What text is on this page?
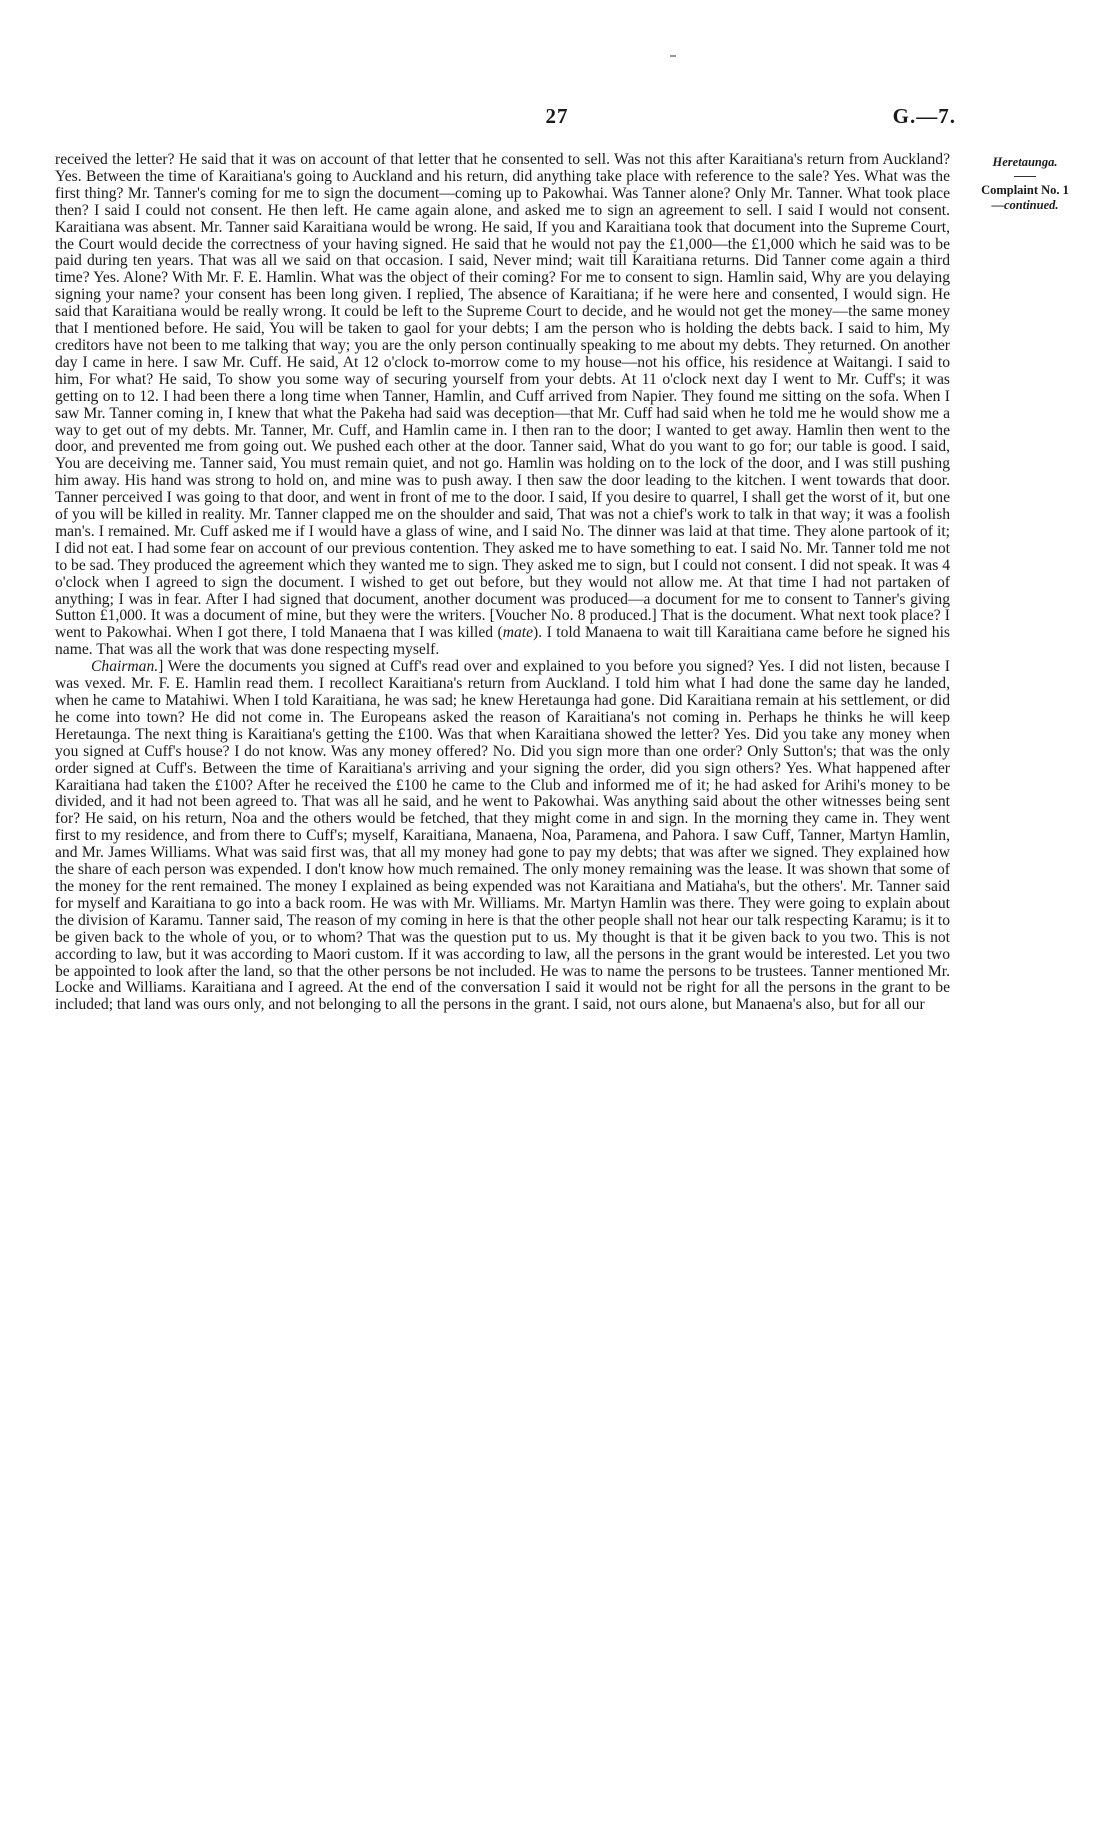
27	G.—7.

received the letter? He said that it was on account of that letter that he consented to sell. Was not this after Karaitiana's return from Auckland? Yes. Between the time of Karaitiana's going to Auckland and his return, did anything take place with reference to the sale? Yes. What was the first thing? Mr. Tanner's coming for me to sign the document—coming up to Pakowhai. Was Tanner alone? Only Mr. Tanner. What took place then? I said I could not consent. He then left. He came again alone, and asked me to sign an agreement to sell. I said I would not consent. Karaitiana was absent. Mr. Tanner said Karaitiana would be wrong. He said, If you and Karaitiana took that document into the Supreme Court, the Court would decide the correctness of your having signed. He said that he would not pay the £1,000—the £1,000 which he said was to be paid during ten years. That was all we said on that occasion. I said, Never mind; wait till Karaitiana returns. Did Tanner come again a third time? Yes. Alone? With Mr. F. E. Hamlin. What was the object of their coming? For me to consent to sign. Hamlin said, Why are you delaying signing your name? your consent has been long given. I replied, The absence of Karaitiana; if he were here and consented, I would sign. He said that Karaitiana would be really wrong. It could be left to the Supreme Court to decide, and he would not get the money—the same money that I mentioned before. He said, You will be taken to gaol for your debts; I am the person who is holding the debts back. I said to him, My creditors have not been to me talking that way; you are the only person continually speaking to me about my debts. They returned. On another day I came in here. I saw Mr. Cuff. He said, At 12 o'clock to-morrow come to my house—not his office, his residence at Waitangi. I said to him, For what? He said, To show you some way of securing yourself from your debts. At 11 o'clock next day I went to Mr. Cuff's; it was getting on to 12. I had been there a long time when Tanner, Hamlin, and Cuff arrived from Napier. They found me sitting on the sofa. When I saw Mr. Tanner coming in, I knew that what the Pakeha had said was deception—that Mr. Cuff had said when he told me he would show me a way to get out of my debts. Mr. Tanner, Mr. Cuff, and Hamlin came in. I then ran to the door; I wanted to get away. Hamlin then went to the door, and prevented me from going out. We pushed each other at the door. Tanner said, What do you want to go for; our table is good. I said, You are deceiving me. Tanner said, You must remain quiet, and not go. Hamlin was holding on to the lock of the door, and I was still pushing him away. His hand was strong to hold on, and mine was to push away. I then saw the door leading to the kitchen. I went towards that door. Tanner perceived I was going to that door, and went in front of me to the door. I said, If you desire to quarrel, I shall get the worst of it, but one of you will be killed in reality. Mr. Tanner clapped me on the shoulder and said, That was not a chief's work to talk in that way; it was a foolish man's. I remained. Mr. Cuff asked me if I would have a glass of wine, and I said No. The dinner was laid at that time. They alone partook of it; I did not eat. I had some fear on account of our previous contention. They asked me to have something to eat. I said No. Mr. Tanner told me not to be sad. They produced the agreement which they wanted me to sign. They asked me to sign, but I could not consent. I did not speak. It was 4 o'clock when I agreed to sign the document. I wished to get out before, but they would not allow me. At that time I had not partaken of anything; I was in fear. After I had signed that document, another document was produced—a document for me to consent to Tanner's giving Sutton £1,000. It was a document of mine, but they were the writers. [Voucher No. 8 produced.] That is the document. What next took place? I went to Pakowhai. When I got there, I told Manaena that I was killed (mate). I told Manaena to wait till Karaitiana came before he signed his name. That was all the work that was done respecting myself.

Chairman.] Were the documents you signed at Cuff's read over and explained to you before you signed? Yes. I did not listen, because I was vexed. Mr. F. E. Hamlin read them. I recollect Karaitiana's return from Auckland. I told him what I had done the same day he landed, when he came to Matahiwi. When I told Karaitiana, he was sad; he knew Heretaunga had gone. Did Karaitiana remain at his settlement, or did he come into town? He did not come in. The Europeans asked the reason of Karaitiana's not coming in. Perhaps he thinks he will keep Heretaunga. The next thing is Karaitiana's getting the £100. Was that when Karaitiana showed the letter? Yes. Did you take any money when you signed at Cuff's house? I do not know. Was any money offered? No. Did you sign more than one order? Only Sutton's; that was the only order signed at Cuff's. Between the time of Karaitiana's arriving and your signing the order, did you sign others? Yes. What happened after Karaitiana had taken the £100? After he received the £100 he came to the Club and informed me of it; he had asked for Arihi's money to be divided, and it had not been agreed to. That was all he said, and he went to Pakowhai. Was anything said about the other witnesses being sent for? He said, on his return, Noa and the others would be fetched, that they might come in and sign. In the morning they came in. They went first to my residence, and from there to Cuff's; myself, Karaitiana, Manaena, Noa, Paramena, and Pahora. I saw Cuff, Tanner, Martyn Hamlin, and Mr. James Williams. What was said first was, that all my money had gone to pay my debts; that was after we signed. They explained how the share of each person was expended. I don't know how much remained. The only money remaining was the lease. It was shown that some of the money for the rent remained. The money I explained as being expended was not Karaitiana and Matiaha's, but the others'. Mr. Tanner said for myself and Karaitiana to go into a back room. He was with Mr. Williams. Mr. Martyn Hamlin was there. They were going to explain about the division of Karamu. Tanner said, The reason of my coming in here is that the other people shall not hear our talk respecting Karamu; is it to be given back to the whole of you, or to whom? That was the question put to us. My thought is that it be given back to you two. This is not according to law, but it was according to Maori custom. If it was according to law, all the persons in the grant would be interested. Let you two be appointed to look after the land, so that the other persons be not included. He was to name the persons to be trustees. Tanner mentioned Mr. Locke and Williams. Karaitiana and I agreed. At the end of the conversation I said it would not be right for all the persons in the grant to be included; that land was ours only, and not belonging to all the persons in the grant. I said, not ours alone, but Manaena's also, but for all our

Heretaunga.
Complaint No. 1
—continued.
